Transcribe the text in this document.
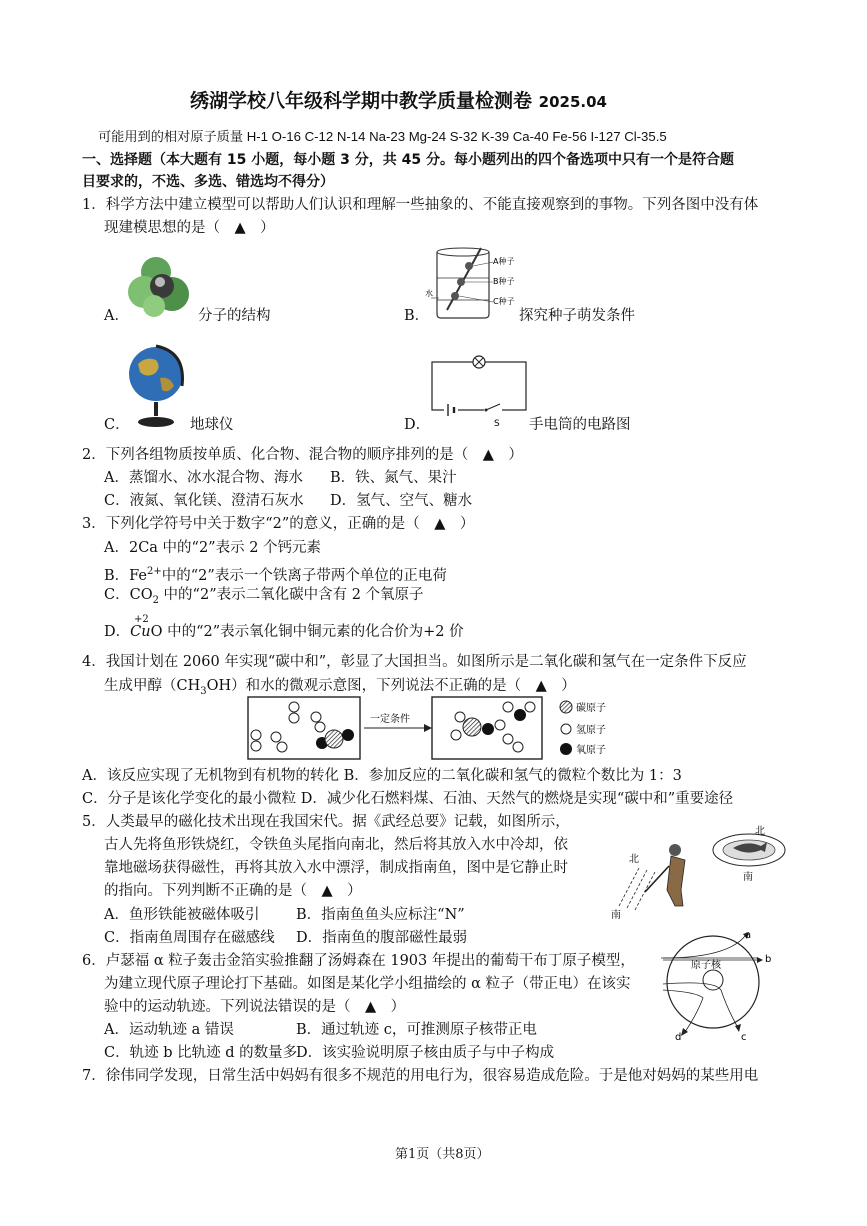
绣湖学校八年级科学期中教学质量检测卷 2025.04
可能用到的相对原子质量 H-1 O-16 C-12 N-14 Na-23 Mg-24 S-32 K-39 Ca-40 Fe-56 I-127 Cl-35.5
一、选择题（本大题有 15 小题，每小题 3 分，共 45 分。每小题列出的四个备选项中只有一个是符合题
目要求的，不选、多选、错选均不得分）
1．科学方法中建立模型可以帮助人们认识和理解一些抽象的、不能直接观察到的事物。下列各图中没有体
现建模思想的是（　▲　）
A．	分子的结构	B．
A种子
B种子
C种子
水
探究种子萌发条件
C．	地球仪	D．	S 手电筒的电路图
2．下列各组物质按单质、化合物、混合物的顺序排列的是（　▲　）
A．蒸馏水、冰水混合物、海水 B．铁、氮气、果汁
C．液氮、氧化镁、澄清石灰水 D．氢气、空气、糖水
3．下列化学符号中关于数字“2”的意义，正确的是（　▲　）
A．2Ca 中的“2”表示 2 个钙元素
B．$Fe^{2+}$中的“2”表示一个铁离子带两个单位的正电荷
C．$CO_2$ 中的“2”表示二氧化碳中含有 2 个氧原子
+2
D．CuO 中的“2”表示氧化铜中铜元素的化合价为+2 价
4．我国计划在 2060 年实现“碳中和”，彰显了大国担当。如图所示是二氧化碳和氢气在一定条件下反应
生成甲醇$(CH_3OH)$和水的微观示意图，下列说法不正确的是（　▲　）
一定条件
碳原子
氢原子
氧原子
A．该反应实现了无机物到有机物的转化 B．参加反应的二氧化碳和氢气的微粒个数比为 1：3
C．分子是该化学变化的最小微粒 D．减少化石燃料煤、石油、天然气的燃烧是实现“碳中和”重要途径
5．人类最早的磁化技术出现在我国宋代。据《武经总要》记载，如图所示，
古人先将鱼形铁烧红，令铁鱼头尾指向南北，然后将其放入水中冷却，依
靠地磁场获得磁性，再将其放入水中漂浮，制成指南鱼，图中是它静止时
的指向。下列判断不正确的是（　▲　）
A．鱼形铁能被磁体吸引	B．指南鱼鱼头应标注“N”
C．指南鱼周围存在磁感线 D．指南鱼的腹部磁性最弱
北
南
北
南
6．卢瑟福 α 粒子轰击金箔实验推翻了汤姆森在 1903 年提出的葡萄干布丁原子模型，
为建立现代原子理论打下基础。如图是某化学小组描绘的 α 粒子（带正电）在该实
验中的运动轨迹。下列说法错误的是（　▲　）
A．运动轨迹 a 错误	B．通过轨迹 c，可推测原子核带正电
C．轨迹 b 比轨迹 d 的数量多
D．该实验说明原子核由质子与中子构成
原子核
a
b
c
d
7．徐伟同学发现，日常生活中妈妈有很多不规范的用电行为，很容易造成危险。于是他对妈妈的某些用电
第1页（共8页）
